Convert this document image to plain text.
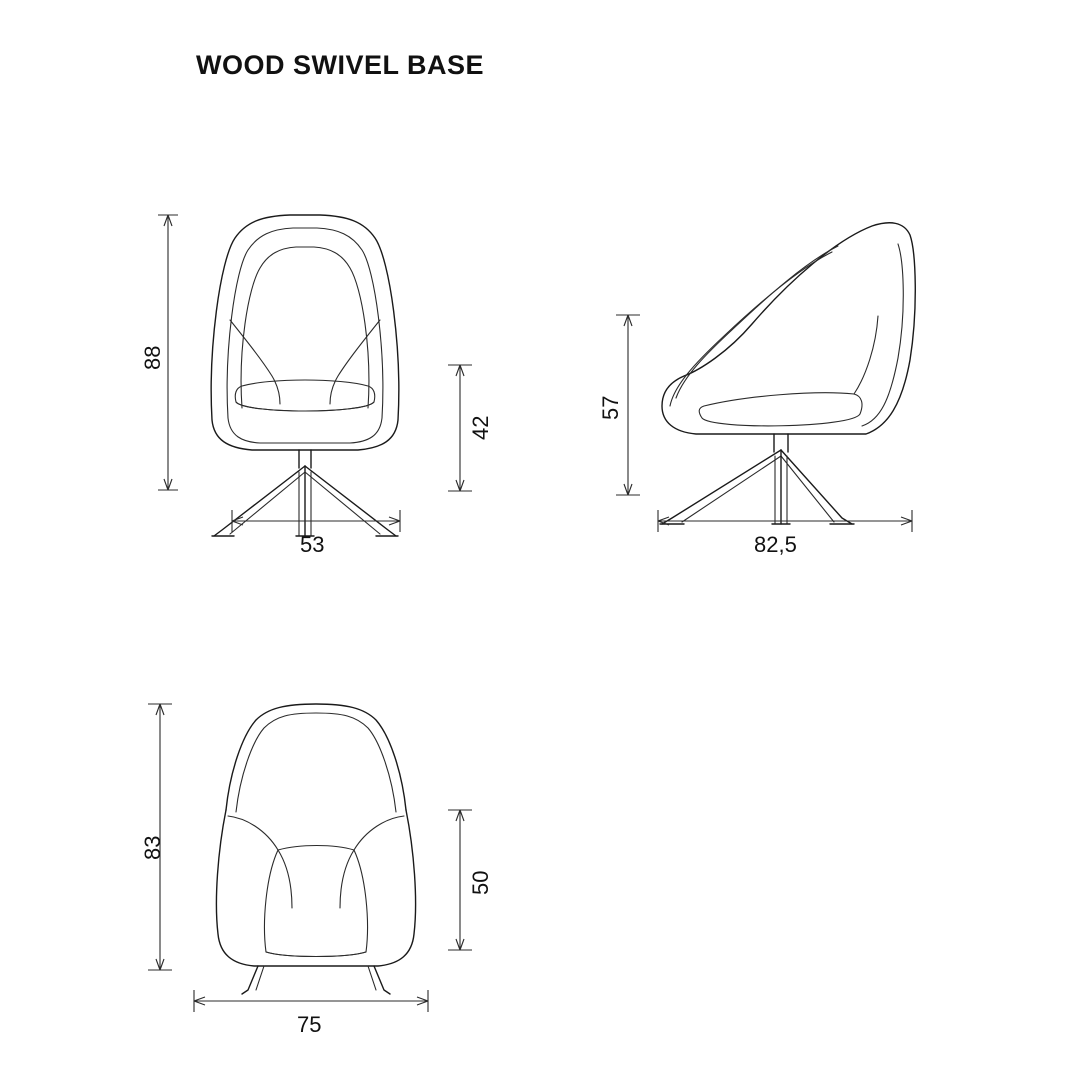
WOOD SWIVEL BASE
88
42
53
57
82,5
83
50
75
